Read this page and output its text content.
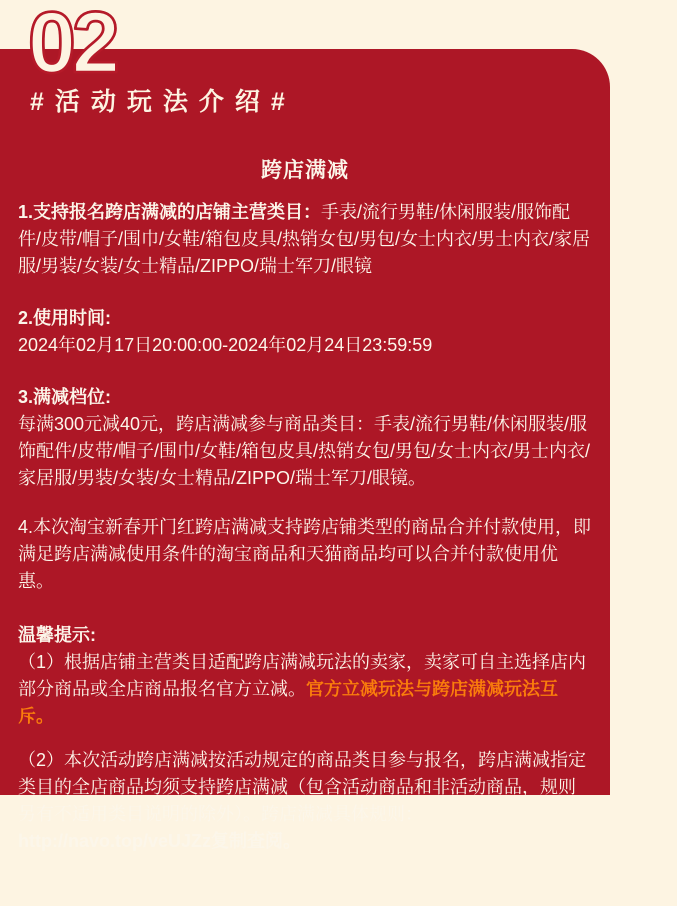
02
#活动玩法介绍#
跨店满减

1.支持报名跨店满减的店铺主营类目：手表/流行男鞋/休闲服装/服饰配件/皮带/帽子/围巾/女鞋/箱包皮具/热销女包/男包/女士内衣/男士内衣/家居服/男装/女装/女士精品/ZIPPO/瑞士军刀/眼镜

2.使用时间:

2024年02月17日20:00:00-2024年02月24日23:59:59

3.满减档位:

每满300元减40元，跨店满减参与商品类目：手表/流行男鞋/休闲服装/服饰配件/皮带/帽子/围巾/女鞋/箱包皮具/热销女包/男包/女士内衣/男士内衣/家居服/男装/女装/女士精品/ZIPPO/瑞士军刀/眼镜。

4.本次淘宝新春开门红跨店满减支持跨店铺类型的商品合并付款使用，即满足跨店满减使用条件的淘宝商品和天猫商品均可以合并付款使用优惠。

温馨提示:

（1）根据店铺主营类目适配跨店满减玩法的卖家，卖家可自主选择店内部分商品或全店商品报名官方立减。官方立减玩法与跨店满减玩法互斥。

（2）本次活动跨店满减按活动规定的商品类目参与报名，跨店满减指定类目的全店商品均须支持跨店满减（包含活动商品和非活动商品，规则另有不适用类目说明的除外）。跨店满减具体规则：http://navo.top/veUJZz复制查阅。
